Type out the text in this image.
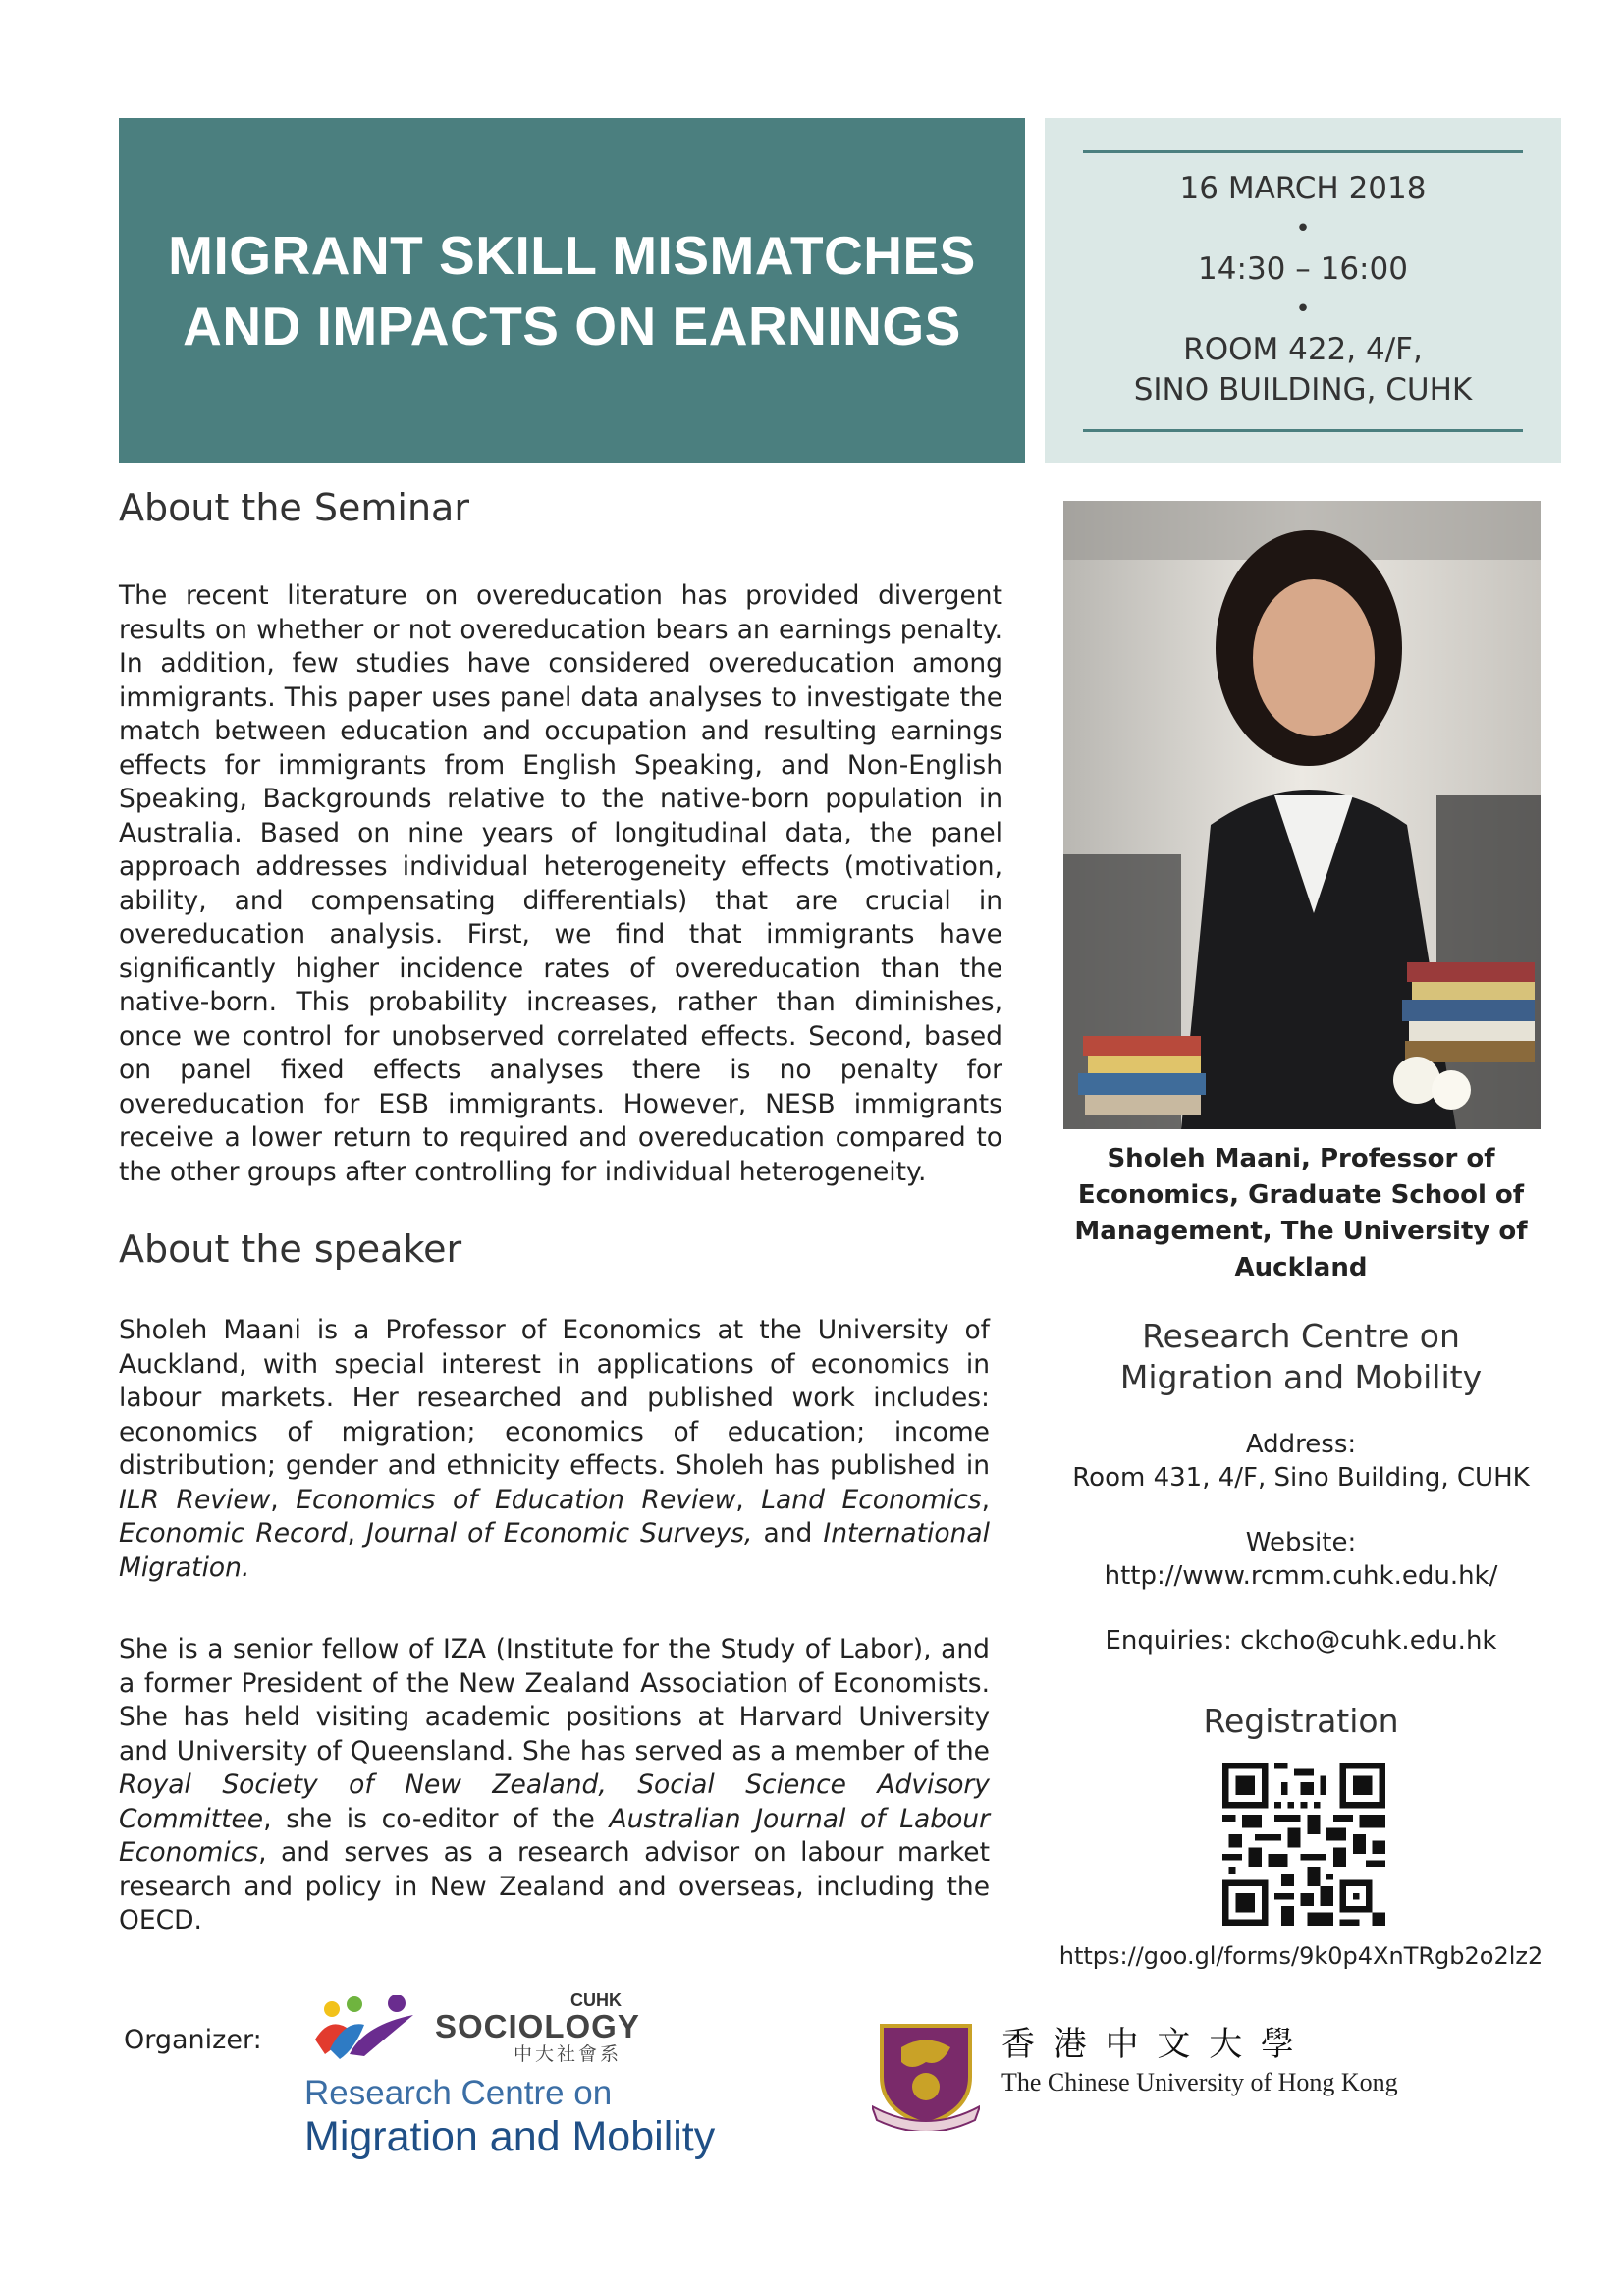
MIGRANT SKILL MISMATCHES
AND IMPACTS ON EARNINGS
16 MARCH 2018
•
14:30 – 16:00
•
ROOM 422, 4/F,
SINO BUILDING, CUHK
About the Seminar

The recent literature on overeducation has provided divergent results on whether or not overeducation bears an earnings penalty. In addition, few studies have considered overeducation among immigrants. This paper uses panel data analyses to investigate the match between education and occupation and resulting earnings effects for immigrants from English Speaking, and Non-English Speaking, Backgrounds relative to the native-born population in Australia. Based on nine years of longitudinal data, the panel approach addresses individual heterogeneity effects (motivation, ability, and compensating differentials) that are crucial in overeducation analysis. First, we find that immigrants have significantly higher incidence rates of overeducation than the native-born. This probability increases, rather than diminishes, once we control for unobserved correlated effects. Second, based on panel fixed effects analyses there is no penalty for overeducation for ESB immigrants. However, NESB immigrants receive a lower return to required and overeducation compared to the other groups after controlling for individual heterogeneity.

About the speaker

Sholeh Maani is a Professor of Economics at the University of Auckland, with special interest in applications of economics in labour markets. Her researched and published work includes: economics of migration; economics of education; income distribution; gender and ethnicity effects. Sholeh has published in ILR Review, Economics of Education Review, Land Economics, Economic Record, Journal of Economic Surveys, and International Migration.

She is a senior fellow of IZA (Institute for the Study of Labor), and a former President of the New Zealand Association of Economists. She has held visiting academic positions at Harvard University and University of Queensland. She has served as a member of the Royal Society of New Zealand, Social Science Advisory Committee, she is co-editor of the Australian Journal of Labour Economics, and serves as a research advisor on labour market research and policy in New Zealand and overseas, including the OECD.

Sholeh Maani, Professor of Economics, Graduate School of Management, The University of Auckland
Research Centre on Migration and Mobility
Address:
Room 431, 4/F, Sino Building, CUHK
Website:
http://www.rcmm.cuhk.edu.hk/
Enquiries: ckcho@cuhk.edu.hk
Registration
https://goo.gl/forms/9k0p4XnTRgb2o2lz2
Organizer:
CUHK
SOCIOLOGY
中大社會系
Research Centre on
Migration and Mobility
香 港 中 文 大 學
The Chinese University of Hong Kong
